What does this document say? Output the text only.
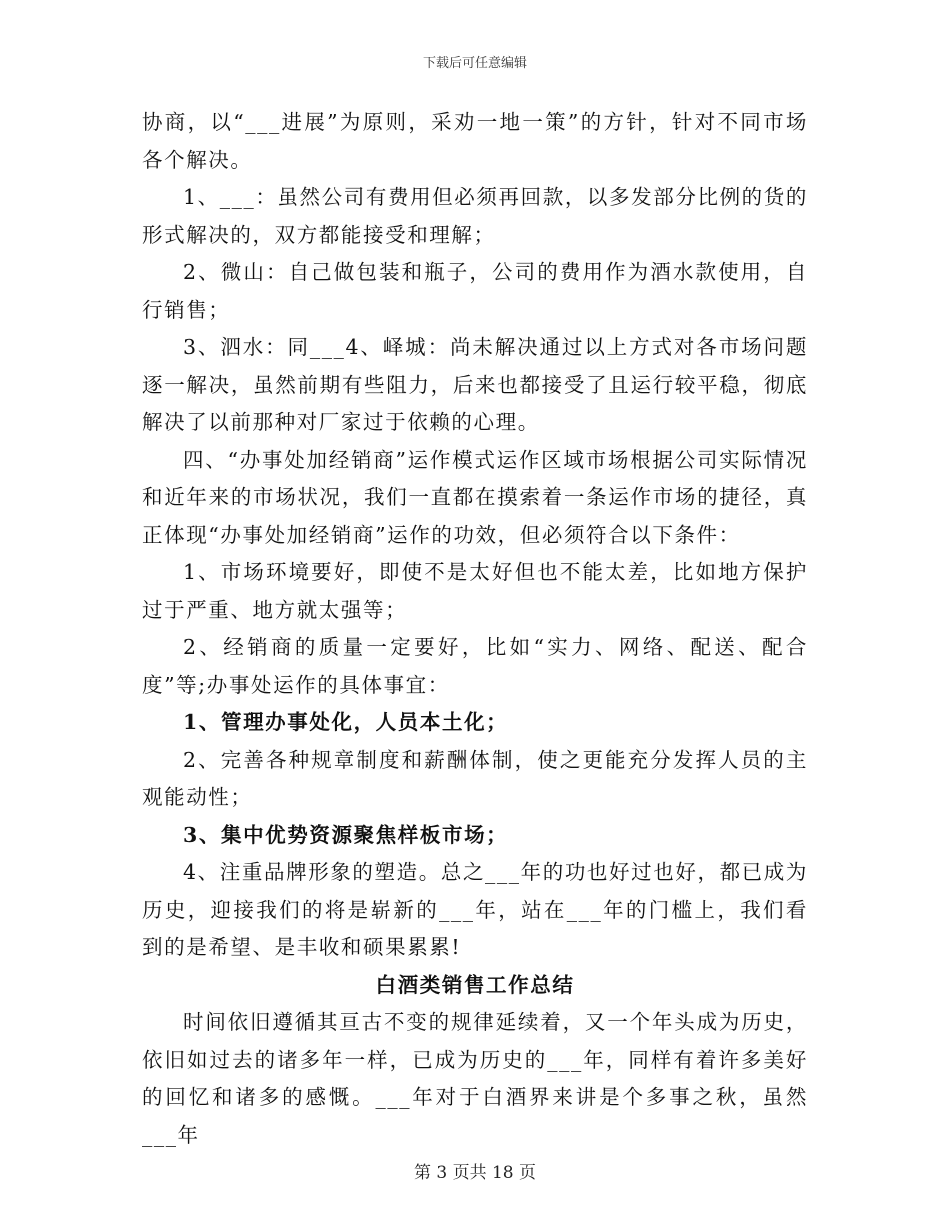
下载后可任意编辑

协商，以“___进展”为原则，采劝一地一策”的方针，针对不同市场各个解决。

1、___：虽然公司有费用但必须再回款，以多发部分比例的货的形式解决的，双方都能接受和理解；

2、微山：自己做包装和瓶子，公司的费用作为酒水款使用，自行销售；

3、泗水：同___4、峄城：尚未解决通过以上方式对各市场问题逐一解决，虽然前期有些阻力，后来也都接受了且运行较平稳，彻底解决了以前那种对厂家过于依赖的心理。

四、“办事处加经销商”运作模式运作区域市场根据公司实际情况和近年来的市场状况，我们一直都在摸索着一条运作市场的捷径，真正体现“办事处加经销商”运作的功效，但必须符合以下条件：

1、市场环境要好，即使不是太好但也不能太差，比如地方保护过于严重、地方就太强等；

2、经销商的质量一定要好，比如“实力、网络、配送、配合度”等;办事处运作的具体事宜：

1、管理办事处化，人员本土化；

2、完善各种规章制度和薪酬体制，使之更能充分发挥人员的主观能动性；

3、集中优势资源聚焦样板市场；

4、注重品牌形象的塑造。总之___年的功也好过也好，都已成为历史，迎接我们的将是崭新的___年，站在___年的门槛上，我们看到的是希望、是丰收和硕果累累!

白酒类销售工作总结

时间依旧遵循其亘古不变的规律延续着，又一个年头成为历史，依旧如过去的诸多年一样，已成为历史的___年，同样有着许多美好的回忆和诸多的感慨。___年对于白酒界来讲是个多事之秋，虽然___年

第 3 页共 18 页
